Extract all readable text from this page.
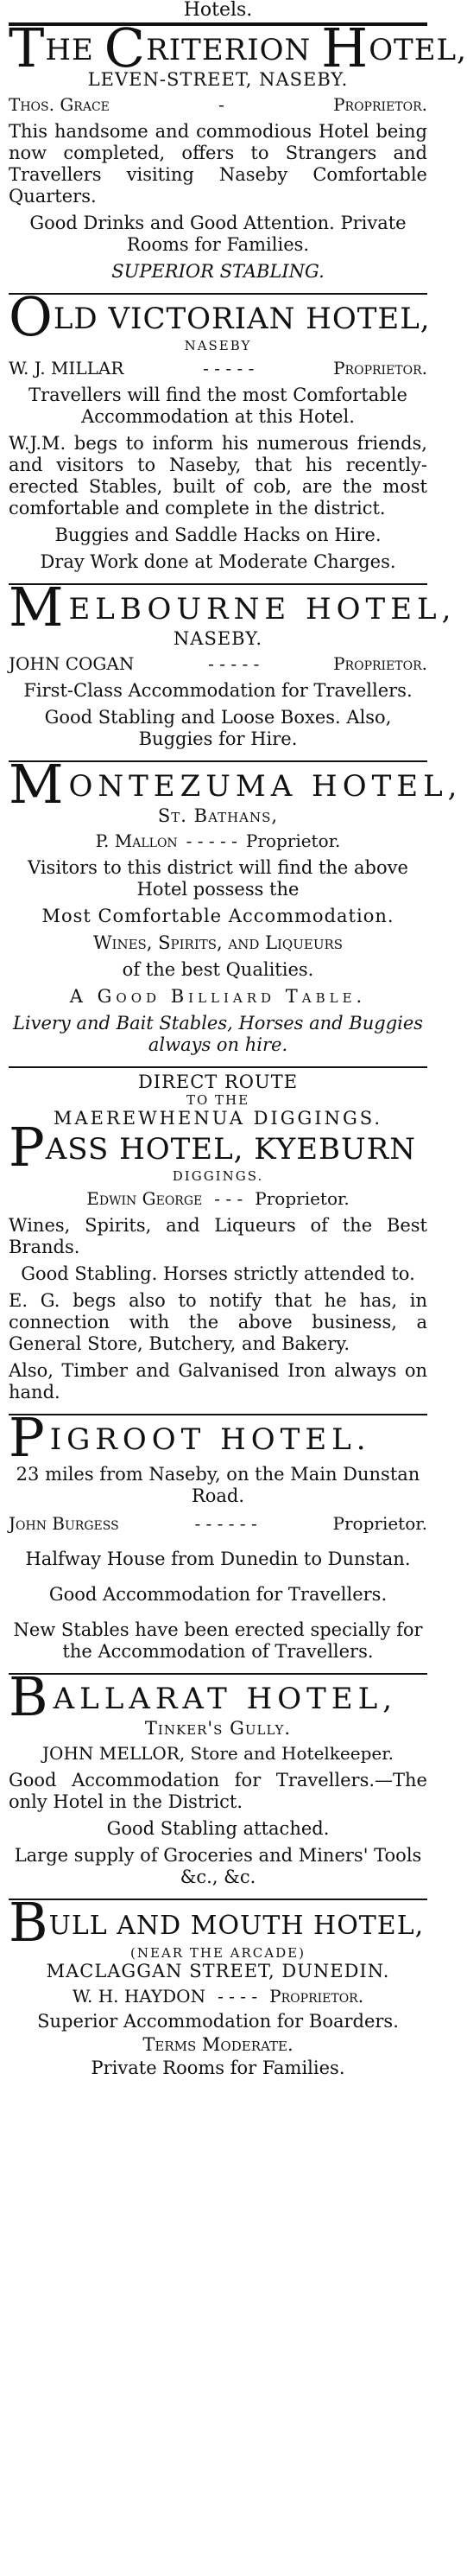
Hotels.
THE CRITERION HOTEL,
LEVEN-STREET, NASEBY.
Thos. Grace	-	Proprietor.
This handsome and commodious Hotel being now completed, offers to Strangers and Travellers visiting Naseby Comfortable Quarters.
Good Drinks and Good Attention. Private Rooms for Families.
SUPERIOR STABLING.
OLD VICTORIAN HOTEL,
NASEBY
W. J. MILLAR	- - - - -	Proprietor.
Travellers will find the most Comfortable Accommodation at this Hotel.
W.J.M. begs to inform his numerous friends, and visitors to Naseby, that his recently-erected Stables, built of cob, are the most comfortable and complete in the district.
Buggies and Saddle Hacks on Hire.
Dray Work done at Moderate Charges.
MELBOURNE HOTEL,
NASEBY.
JOHN COGAN	- - - - -	Proprietor.
First-Class Accommodation for Travellers.
Good Stabling and Loose Boxes. Also, Buggies for Hire.
MONTEZUMA HOTEL,
St. Bathans,
P. Mallon - - - - - Proprietor.
Visitors to this district will find the above Hotel possess the
Most Comfortable Accommodation.
Wines, Spirits, and Liqueurs
of the best Qualities.
A Good Billiard Table.
Livery and Bait Stables, Horses and Buggies always on hire.
DIRECT ROUTE
TO THE
MAEREWHENUA DIGGINGS.
PASS HOTEL, KYEBURN
DIGGINGS.
Edwin George - - - Proprietor.
Wines, Spirits, and Liqueurs of the Best Brands.
Good Stabling. Horses strictly attended to.
E. G. begs also to notify that he has, in connection with the above business, a General Store, Butchery, and Bakery.
Also, Timber and Galvanised Iron always on hand.
PIGROOT HOTEL.
23 miles from Naseby, on the Main Dunstan Road.
John Burgess	- - - - - -	Proprietor.
Halfway House from Dunedin to Dunstan.
Good Accommodation for Travellers.
New Stables have been erected specially for the Accommodation of Travellers.
BALLARAT HOTEL,
Tinker's Gully.
JOHN MELLOR, Store and Hotelkeeper.
Good Accommodation for Travellers.—The only Hotel in the District.
Good Stabling attached.
Large supply of Groceries and Miners' Tools &c., &c.
BULL AND MOUTH HOTEL,
(NEAR THE ARCADE)
MACLAGGAN STREET, DUNEDIN.
W. H. HAYDON - - - - Proprietor.
Superior Accommodation for Boarders.
Terms Moderate.
Private Rooms for Families.
